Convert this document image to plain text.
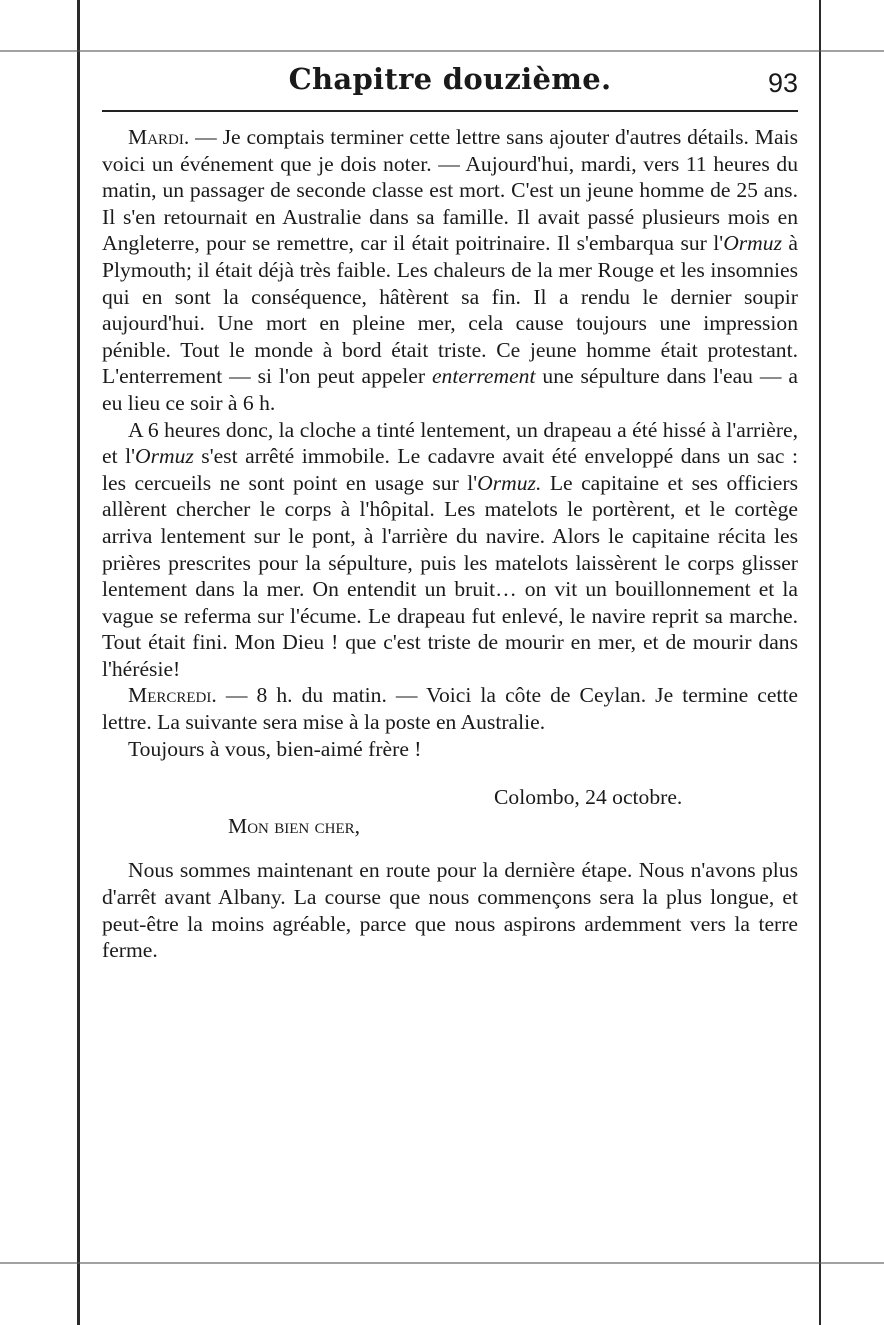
Chapitre douzième.	93

Mardi. — Je comptais terminer cette lettre sans ajouter d'autres détails. Mais voici un événement que je dois noter. — Aujourd'hui, mardi, vers 11 heures du matin, un passager de seconde classe est mort. C'est un jeune homme de 25 ans. Il s'en retournait en Australie dans sa famille. Il avait passé plusieurs mois en Angleterre, pour se remettre, car il était poitrinaire. Il s'embarqua sur l'Ormuz à Plymouth; il était déjà très faible. Les chaleurs de la mer Rouge et les insomnies qui en sont la conséquence, hâtèrent sa fin. Il a rendu le dernier soupir aujourd'hui. Une mort en pleine mer, cela cause toujours une impression pénible. Tout le monde à bord était triste. Ce jeune homme était protestant. L'enterrement — si l'on peut appeler enterrement une sépulture dans l'eau — a eu lieu ce soir à 6 h.

A 6 heures donc, la cloche a tinté lentement, un drapeau a été hissé à l'arrière, et l'Ormuz s'est arrêté immobile. Le cadavre avait été enveloppé dans un sac : les cercueils ne sont point en usage sur l'Ormuz. Le capitaine et ses officiers allèrent chercher le corps à l'hôpital. Les matelots le portèrent, et le cortège arriva lentement sur le pont, à l'arrière du navire. Alors le capitaine récita les prières prescrites pour la sépulture, puis les matelots laissèrent le corps glisser lentement dans la mer. On entendit un bruit… on vit un bouillonnement et la vague se referma sur l'écume. Le drapeau fut enlevé, le navire reprit sa marche. Tout était fini. Mon Dieu ! que c'est triste de mourir en mer, et de mourir dans l'hérésie!

Mercredi. — 8 h. du matin. — Voici la côte de Ceylan. Je termine cette lettre. La suivante sera mise à la poste en Australie.

Toujours à vous, bien-aimé frère !

Colombo, 24 octobre.

Mon bien cher,

Nous sommes maintenant en route pour la dernière étape. Nous n'avons plus d'arrêt avant Albany. La course que nous commençons sera la plus longue, et peut-être la moins agréable, parce que nous aspirons ardemment vers la terre ferme.
